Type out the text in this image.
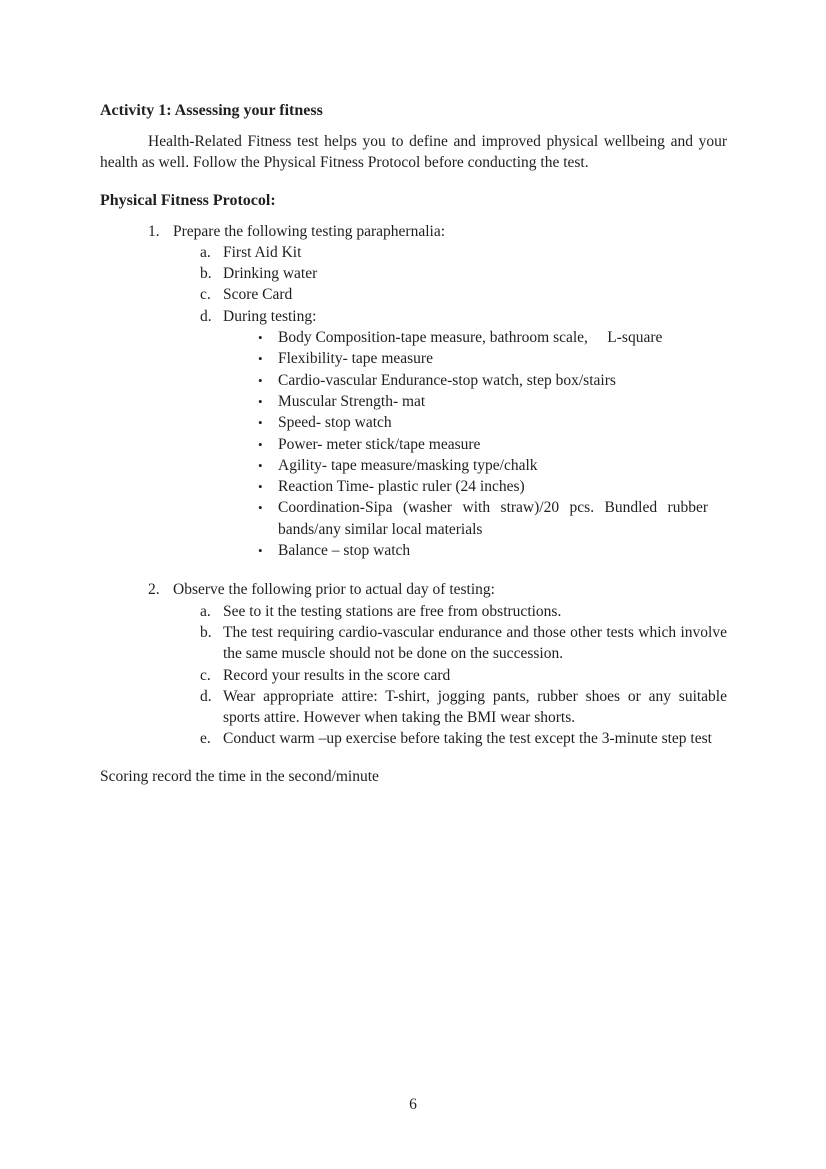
Activity 1: Assessing your fitness

Health-Related Fitness test helps you to define and improved physical wellbeing and your health as well. Follow the Physical Fitness Protocol before conducting the test.

Physical Fitness Protocol:

1. Prepare the following testing paraphernalia:
a. First Aid Kit
b. Drinking water
c. Score Card
d. During testing:
• Body Composition-tape measure, bathroom scale,     L-square
• Flexibility- tape measure
• Cardio-vascular Endurance-stop watch, step box/stairs
• Muscular Strength- mat
• Speed- stop watch
• Power- meter stick/tape measure
• Agility- tape measure/masking type/chalk
• Reaction Time- plastic ruler (24 inches)
• Coordination-Sipa (washer with straw)/20 pcs. Bundled rubber bands/any similar local materials
• Balance – stop watch
2. Observe the following prior to actual day of testing:
a. See to it the testing stations are free from obstructions.
b. The test requiring cardio-vascular endurance and those other tests which involve the same muscle should not be done on the succession.
c. Record your results in the score card
d. Wear appropriate attire: T-shirt, jogging pants, rubber shoes or any suitable sports attire. However when taking the BMI wear shorts.
e. Conduct warm –up exercise before taking the test except the 3-minute step test

Scoring record the time in the second/minute

6
